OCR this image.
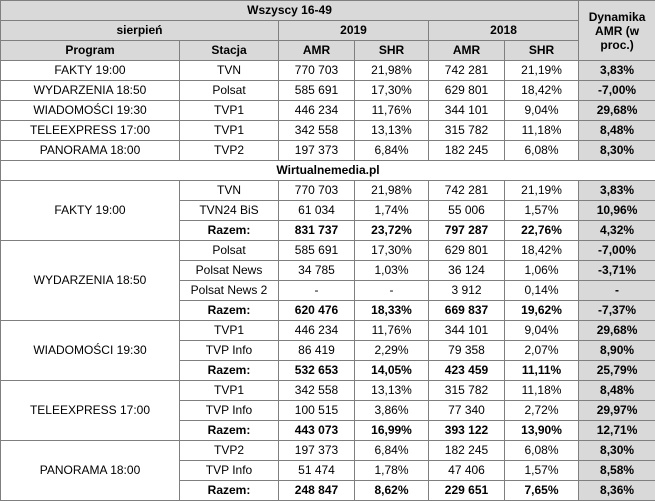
Wszyscy 16-49						Dynamika AMR (w proc.)
sierpień		2019		2018		
Program	Stacja	AMR	SHR	AMR	SHR	
FAKTY 19:00	TVN	770 703	21,98%	742 281	21,19%	3,83%
WYDARZENIA 18:50	Polsat	585 691	17,30%	629 801	18,42%	-7,00%
WIADOMOŚCI 19:30	TVP1	446 234	11,76%	344 101	9,04%	29,68%
TELEEXPRESS 17:00	TVP1	342 558	13,13%	315 782	11,18%	8,48%
PANORAMA 18:00	TVP2	197 373	6,84%	182 245	6,08%	8,30%
Wirtualnemedia.pl						
FAKTY 19:00	TVN	770 703	21,98%	742 281	21,19%	3,83%
	TVN24 BiS	61 034	1,74%	55 006	1,57%	10,96%
	Razem:	831 737	23,72%	797 287	22,76%	4,32%
WYDARZENIA 18:50	Polsat	585 691	17,30%	629 801	18,42%	-7,00%
	Polsat News	34 785	1,03%	36 124	1,06%	-3,71%
	Polsat News 2	-	-	3 912	0,14%	-
	Razem:	620 476	18,33%	669 837	19,62%	-7,37%
WIADOMOŚCI 19:30	TVP1	446 234	11,76%	344 101	9,04%	29,68%
	TVP Info	86 419	2,29%	79 358	2,07%	8,90%
	Razem:	532 653	14,05%	423 459	11,11%	25,79%
TELEEXPRESS 17:00	TVP1	342 558	13,13%	315 782	11,18%	8,48%
	TVP Info	100 515	3,86%	77 340	2,72%	29,97%
	Razem:	443 073	16,99%	393 122	13,90%	12,71%
PANORAMA 18:00	TVP2	197 373	6,84%	182 245	6,08%	8,30%
	TVP Info	51 474	1,78%	47 406	1,57%	8,58%
	Razem:	248 847	8,62%	229 651	7,65%	8,36%
